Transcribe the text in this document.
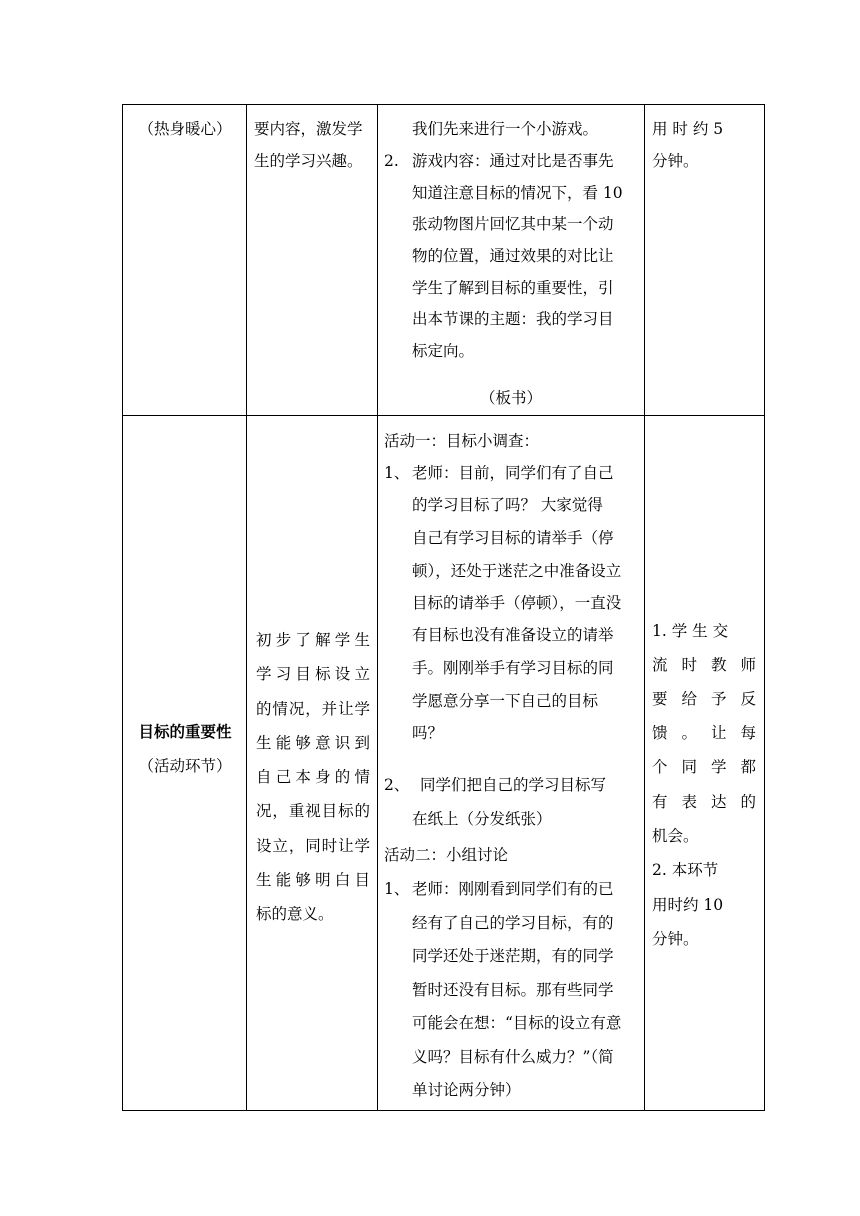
（热身暖心）	要内容，激发学
生的学习兴趣。
我们先来进行一个小游戏。
2. 游戏内容：通过对比是否事先
知道注意目标的情况下，看 10
张动物图片回忆其中某一个动
物的位置，通过效果的对比让
学生了解到目标的重要性，引
出本节课的主题：我的学习目
标定向。
（板书）
用 时 约 5
分钟。
目标的重要性
（活动环节）
初步了解学生
学习目标设立
的情况，并让学
生能够意识到
自己本身的情
况，重视目标的
设立，同时让学
生能够明白目
标的意义。
活动一：目标小调查：
1、 老师：目前，同学们有了自己
的学习目标了吗？ 大家觉得
自己有学习目标的请举手（停
顿），还处于迷茫之中准备设立
目标的请举手（停顿），一直没
有目标也没有准备设立的请举
手。刚刚举手有学习目标的同
学愿意分享一下自己的目标
吗？
2、 同学们把自己的学习目标写
在纸上（分发纸张）
活动二：小组讨论
1、 老师：刚刚看到同学们有的已
经有了自己的学习目标，有的
同学还处于迷茫期，有的同学
暂时还没有目标。那有些同学
可能会在想：“目标的设立有意
义吗？目标有什么威力？”（简
单讨论两分钟）
1. 学 生 交
流时教师
要给予反
馈。让每
个同学都
有表达的
机会。
2. 本环节
用时约 10
分钟。
